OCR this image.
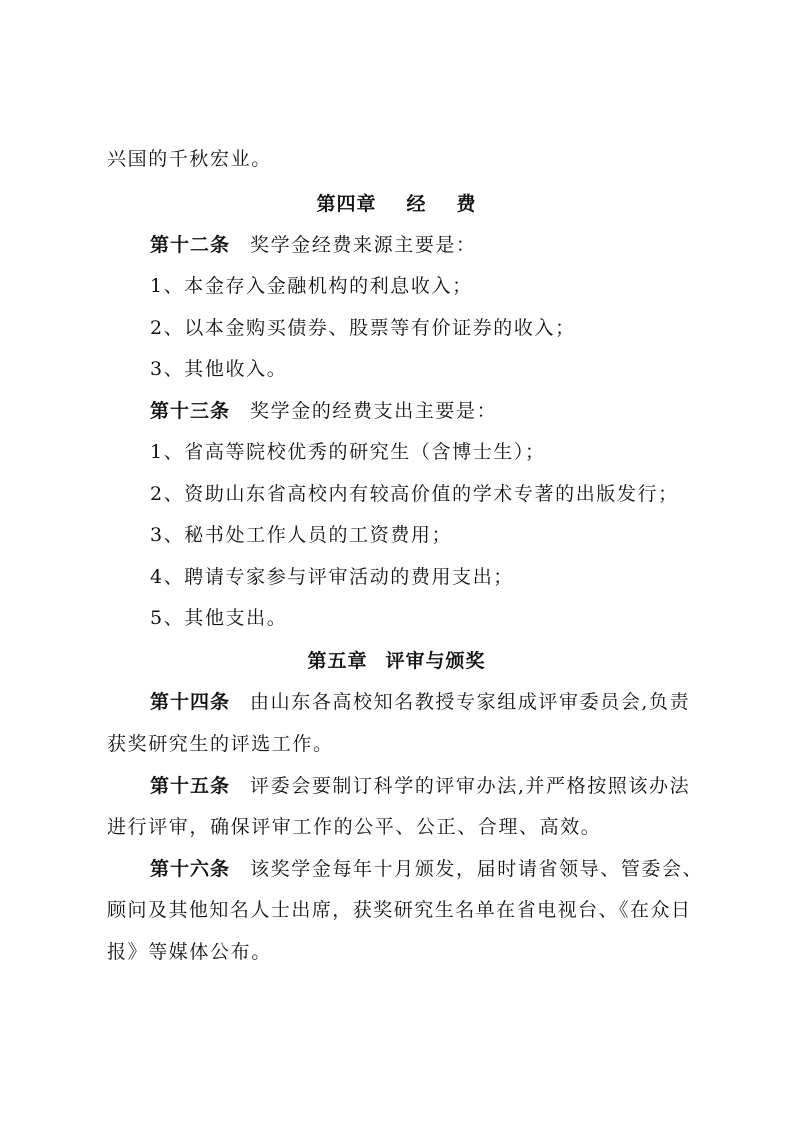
兴国的千秋宏业。
第四章 经 费
第十二条 奖学金经费来源主要是：
1、本金存入金融机构的利息收入；
2、以本金购买债券、股票等有价证券的收入；
3、其他收入。
第十三条 奖学金的经费支出主要是：
1、省高等院校优秀的研究生（含博士生）；
2、资助山东省高校内有较高价值的学术专著的出版发行；
3、秘书处工作人员的工资费用；
4、聘请专家参与评审活动的费用支出；
5、其他支出。
第五章 评审与颁奖
第十四条 由山东各高校知名教授专家组成评审委员会,负责
获奖研究生的评选工作。
第十五条 评委会要制订科学的评审办法,并严格按照该办法
进行评审，确保评审工作的公平、公正、合理、高效。
第十六条 该奖学金每年十月颁发，届时请省领导、管委会、
顾问及其他知名人士出席，获奖研究生名单在省电视台、《在众日
报》等媒体公布。
